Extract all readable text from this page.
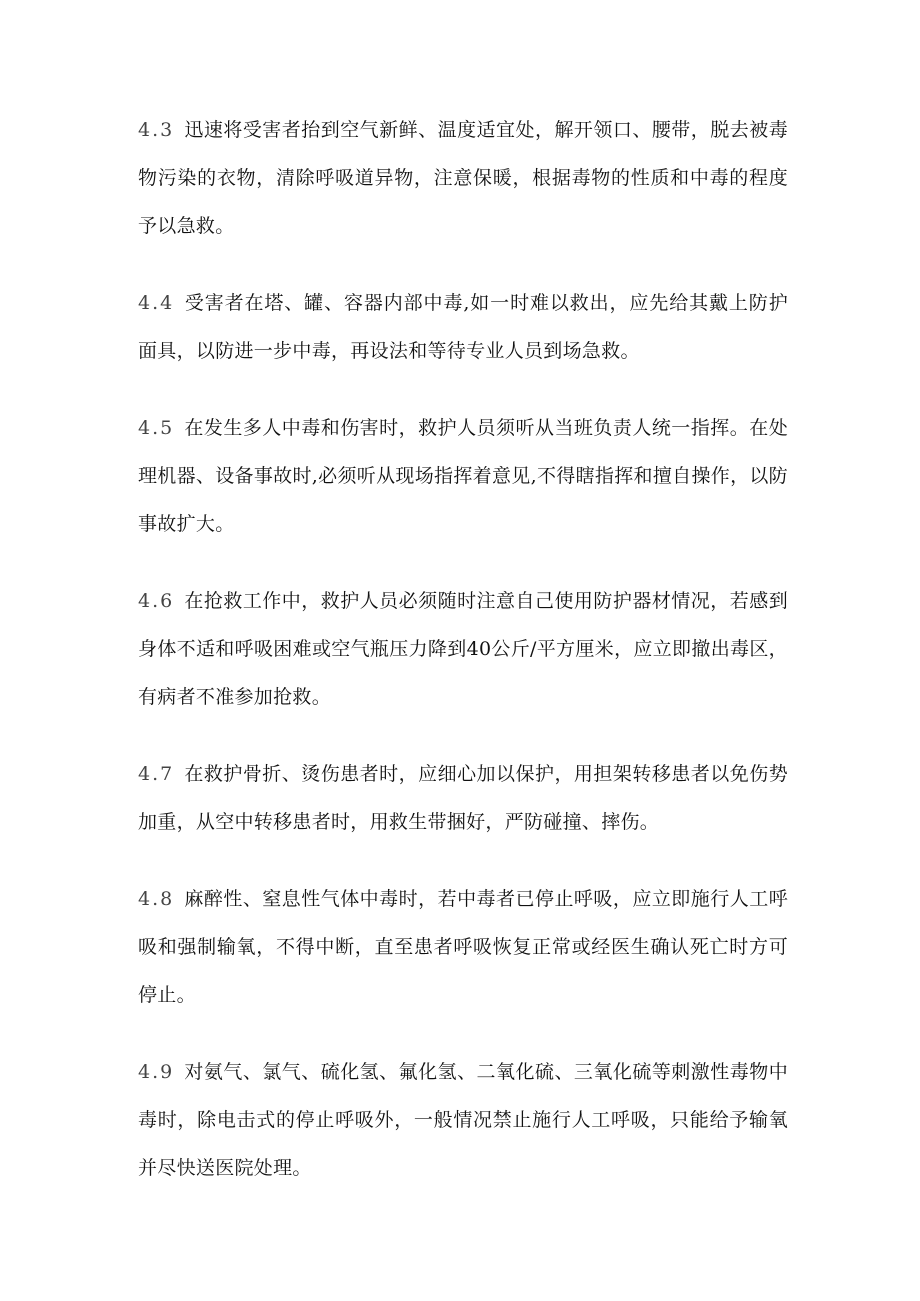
4.3 迅速将受害者抬到空气新鲜、温度适宜处，解开领口、腰带，脱去被毒物污染的衣物，清除呼吸道异物，注意保暖，根据毒物的性质和中毒的程度予以急救。

4.4 受害者在塔、罐、容器内部中毒,如一时难以救出，应先给其戴上防护面具，以防进一步中毒，再设法和等待专业人员到场急救。

4.5 在发生多人中毒和伤害时，救护人员须听从当班负责人统一指挥。在处理机器、设备事故时,必须听从现场指挥着意见,不得瞎指挥和擅自操作，以防事故扩大。

4.6 在抢救工作中，救护人员必须随时注意自己使用防护器材情况，若感到身体不适和呼吸困难或空气瓶压力降到40公斤/平方厘米，应立即撤出毒区，有病者不准参加抢救。

4.7 在救护骨折、烫伤患者时，应细心加以保护，用担架转移患者以免伤势加重，从空中转移患者时，用救生带捆好，严防碰撞、摔伤。

4.8 麻醉性、窒息性气体中毒时，若中毒者已停止呼吸，应立即施行人工呼吸和强制输氧，不得中断，直至患者呼吸恢复正常或经医生确认死亡时方可停止。

4.9 对氨气、氯气、硫化氢、氟化氢、二氧化硫、三氧化硫等刺激性毒物中毒时，除电击式的停止呼吸外，一般情况禁止施行人工呼吸，只能给予输氧并尽快送医院处理。
